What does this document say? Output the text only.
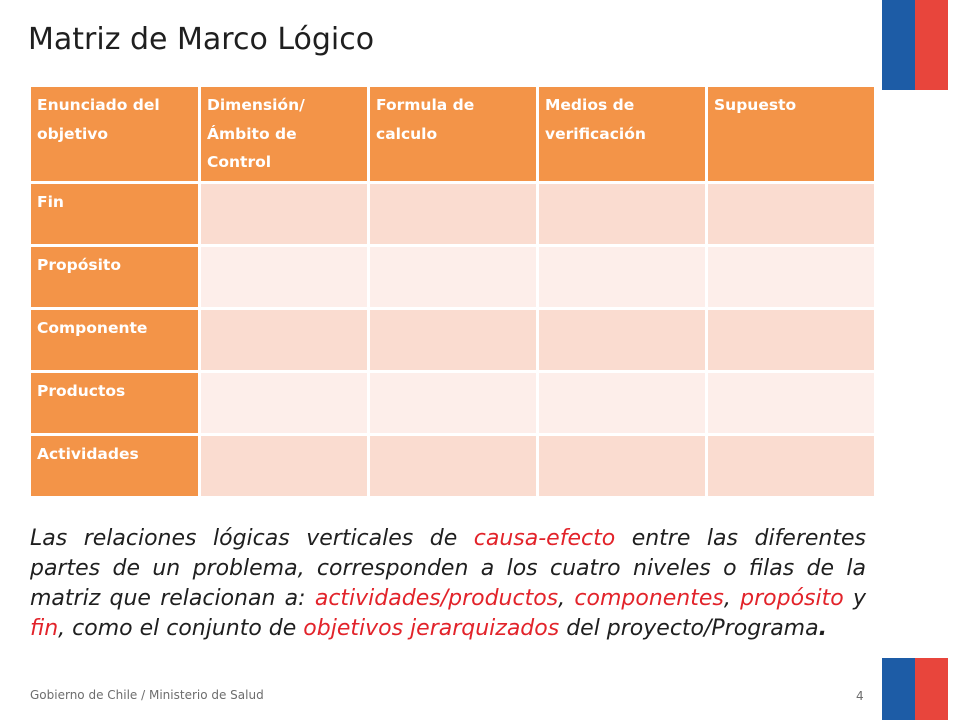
Matriz de Marco Lógico
Enunciado del objetivo	Dimensión/ Ámbito de Control	Formula de calculo	Medios de verificación	Supuesto
Fin				
Propósito				
Componente				
Productos				
Actividades				

Las relaciones lógicas verticales de causa-efecto entre las diferentes partes de un problema, corresponden a los cuatro niveles o filas de la matriz que relacionan a: actividades/productos, componentes, propósito y fin, como el conjunto de objetivos jerarquizados del proyecto/Programa.

Gobierno de Chile / Ministerio de Salud	4
